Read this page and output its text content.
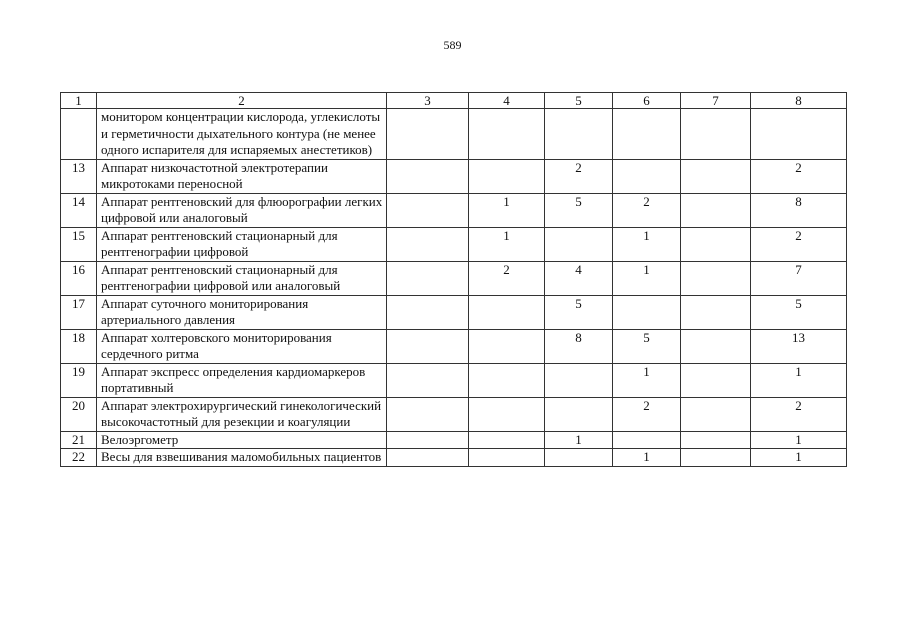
589
1	2	3	4	5	6	7	8
	монитором концентрации кислорода, углекислоты и герметичности дыхательного контура (не менее одного испарителя для испаряемых анестетиков)						
13	Аппарат низкочастотной электротерапии микротоками переносной			2			2
14	Аппарат рентгеновский для флюорографии легких цифровой или аналоговый		1	5	2		8
15	Аппарат рентгеновский стационарный для рентгенографии цифровой		1		1		2
16	Аппарат рентгеновский стационарный для рентгенографии цифровой или аналоговый		2	4	1		7
17	Аппарат суточного мониторирования артериального давления			5			5
18	Аппарат холтеровского мониторирования сердечного ритма			8	5		13
19	Аппарат экспресс определения кардиомаркеров портативный				1		1
20	Аппарат электрохирургический гинекологический высокочастотный для резекции и коагуляции				2		2
21	Велоэргометр			1			1
22	Весы для взвешивания маломобильных пациентов				1		1
